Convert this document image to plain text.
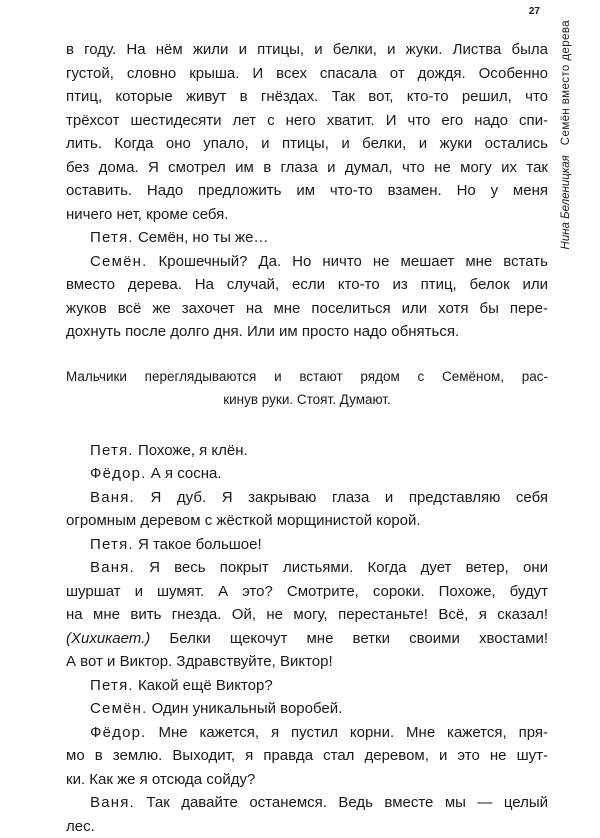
27
Нина Беленицкая
Семён вместо дерева
в году. На нём жили и птицы, и белки, и жуки. Листва была
густой, словно крыша. И всех спасала от дождя. Особенно
птиц, которые живут в гнёздах. Так вот, кто-то решил, что
трёхсот шестидесяти лет с него хватит. И что его надо спи-
лить. Когда оно упало, и птицы, и белки, и жуки остались
без дома. Я смотрел им в глаза и думал, что не могу их так
оставить. Надо предложить им что-то взамен. Но у меня
ничего нет, кроме себя.
Петя. Семён, но ты же…
Семён. Крошечный? Да. Но ничто не мешает мне встать
вместо дерева. На случай, если кто-то из птиц, белок или
жуков всё же захочет на мне поселиться или хотя бы пере-
дохнуть после долго дня. Или им просто надо обняться.
Мальчики переглядываются и встают рядом с Семёном, рас-
кинув руки. Стоят. Думают.
Петя. Похоже, я клён.
Фёдор. А я сосна.
Ваня. Я дуб. Я закрываю глаза и представляю себя
огромным деревом с жёсткой морщинистой корой.
Петя. Я такое большое!
Ваня. Я весь покрыт листьями. Когда дует ветер, они
шуршат и шумят. А это? Смотрите, сороки. Похоже, будут
на мне вить гнезда. Ой, не могу, перестаньте! Всё, я сказал!
(Хихикает.) Белки щекочут мне ветки своими хвостами!
А вот и Виктор. Здравствуйте, Виктор!
Петя. Какой ещё Виктор?
Семён. Один уникальный воробей.
Фёдор. Мне кажется, я пустил корни. Мне кажется, пря-
мо в землю. Выходит, я правда стал деревом, и это не шут-
ки. Как же я отсюда сойду?
Ваня. Так давайте останемся. Ведь вместе мы — целый
лес.
